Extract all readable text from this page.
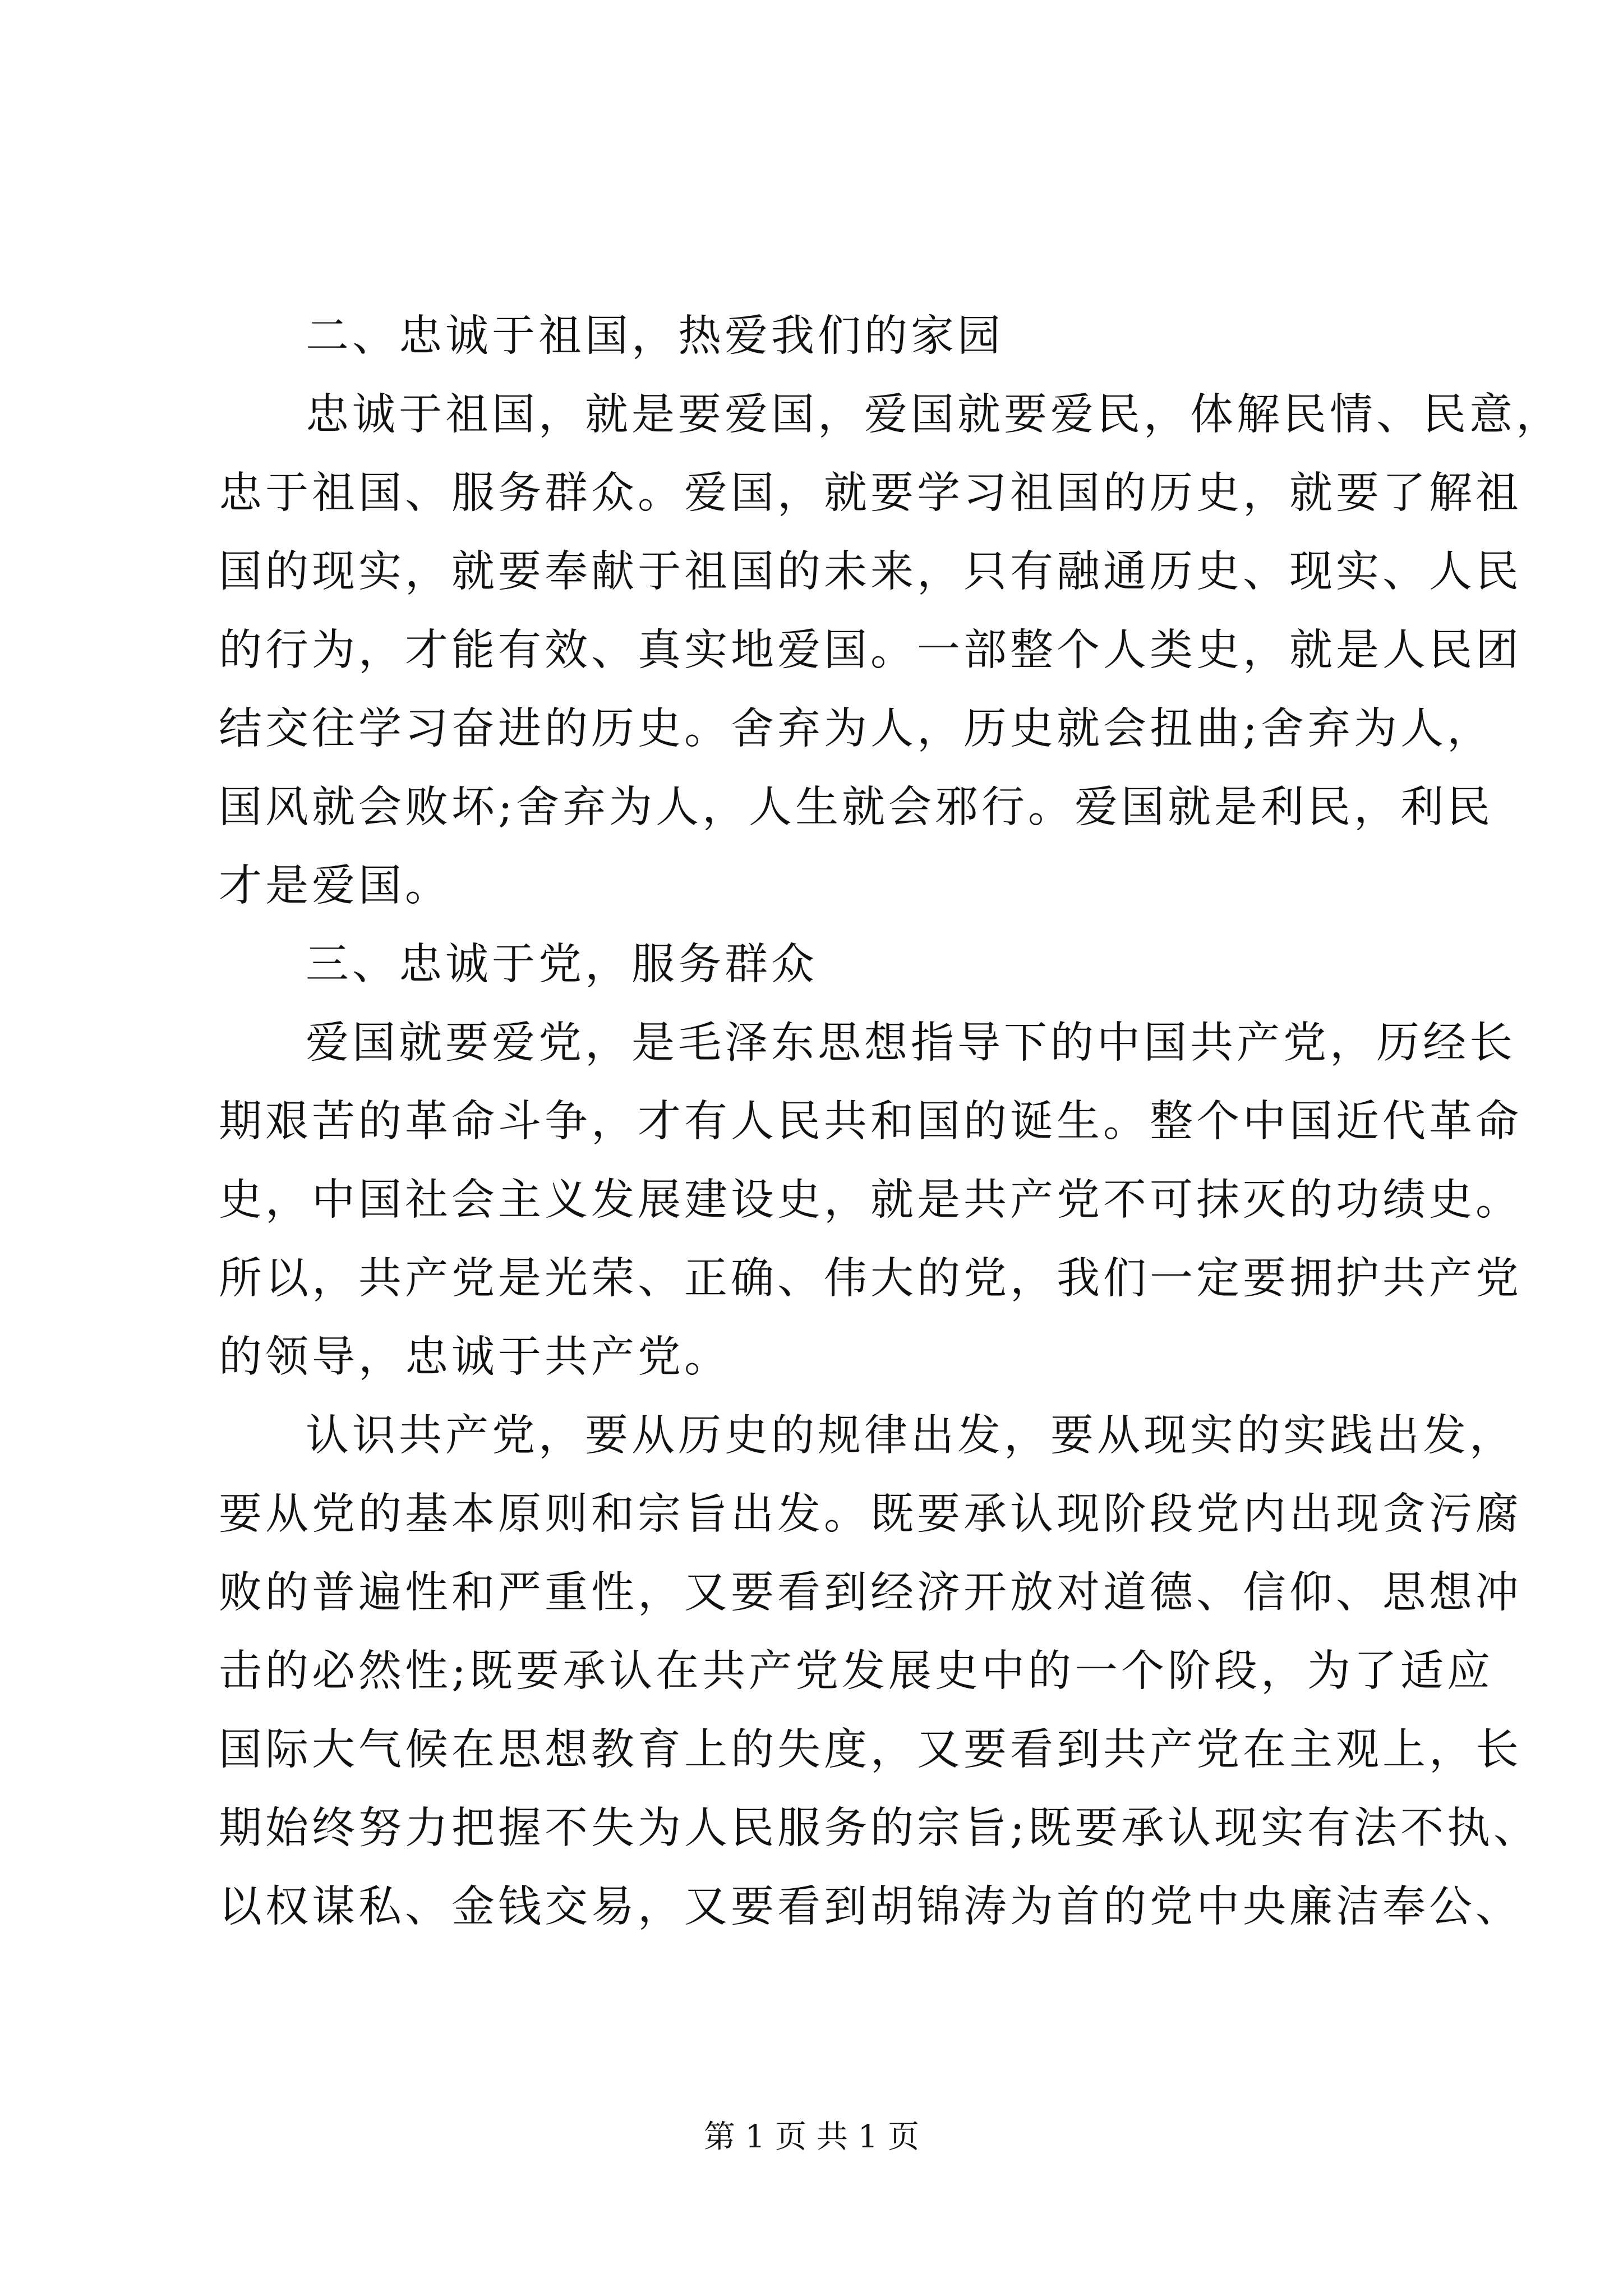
二、忠诚于祖国，热爱我们的家园
忠诚于祖国，就是要爱国，爱国就要爱民，体解民情、民意，
忠于祖国、服务群众。爱国，就要学习祖国的历史，就要了解祖
国的现实，就要奉献于祖国的未来，只有融通历史、现实、人民
的行为，才能有效、真实地爱国。一部整个人类史，就是人民团
结交往学习奋进的历史。舍弃为人，历史就会扭曲;舍弃为人，
国风就会败坏;舍弃为人，人生就会邪行。爱国就是利民，利民
才是爱国。
三、忠诚于党，服务群众
爱国就要爱党，是毛泽东思想指导下的中国共产党，历经长
期艰苦的革命斗争，才有人民共和国的诞生。整个中国近代革命
史，中国社会主义发展建设史，就是共产党不可抹灭的功绩史。
所以，共产党是光荣、正确、伟大的党，我们一定要拥护共产党
的领导，忠诚于共产党。
认识共产党，要从历史的规律出发，要从现实的实践出发，
要从党的基本原则和宗旨出发。既要承认现阶段党内出现贪污腐
败的普遍性和严重性，又要看到经济开放对道德、信仰、思想冲
击的必然性;既要承认在共产党发展史中的一个阶段，为了适应
国际大气候在思想教育上的失度，又要看到共产党在主观上，长
期始终努力把握不失为人民服务的宗旨;既要承认现实有法不执、
以权谋私、金钱交易，又要看到胡锦涛为首的党中央廉洁奉公、
第 1 页 共 1 页
